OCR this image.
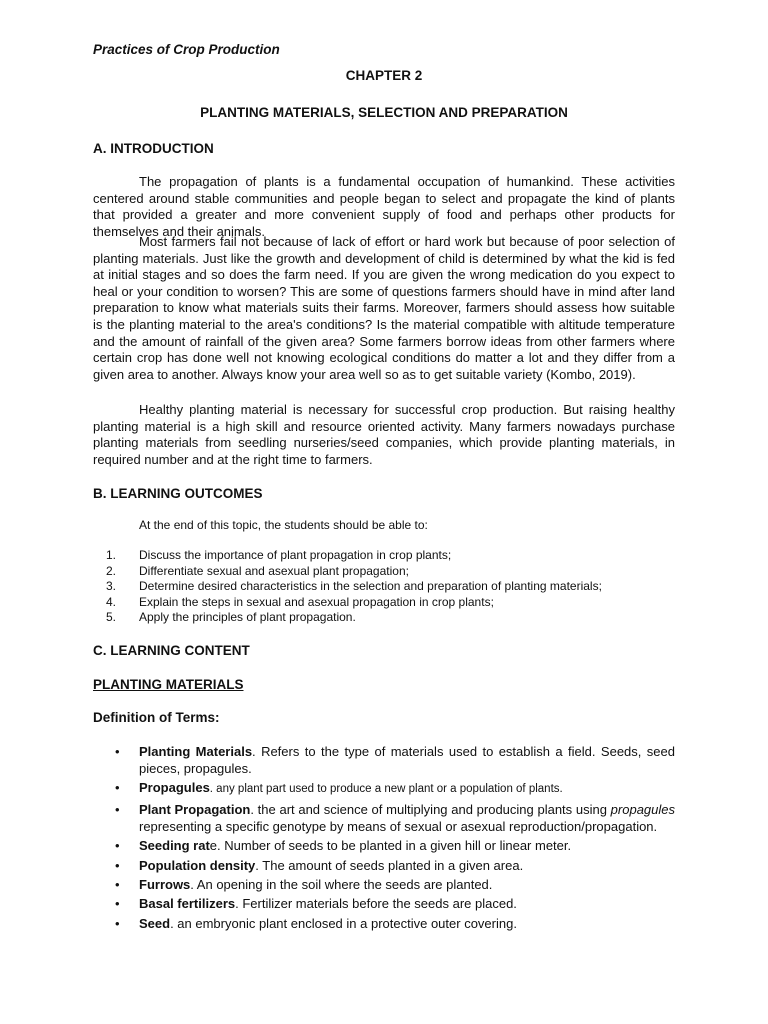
Practices of Crop Production
CHAPTER 2
PLANTING MATERIALS, SELECTION AND PREPARATION
A. INTRODUCTION

The propagation of plants is a fundamental occupation of humankind. These activities centered around stable communities and people began to select and propagate the kind of plants that provided a greater and more convenient supply of food and perhaps other products for themselves and their animals.

Most farmers fail not because of lack of effort or hard work but because of poor selection of planting materials. Just like the growth and development of child is determined by what the kid is fed at initial stages and so does the farm need. If you are given the wrong medication do you expect to heal or your condition to worsen? This are some of questions farmers should have in mind after land preparation to know what materials suits their farms. Moreover, farmers should assess how suitable is the planting material to the area's conditions? Is the material compatible with altitude temperature and the amount of rainfall of the given area? Some farmers borrow ideas from other farmers where certain crop has done well not knowing ecological conditions do matter a lot and they differ from a given area to another. Always know your area well so as to get suitable variety (Kombo, 2019).

Healthy planting material is necessary for successful crop production. But raising healthy planting material is a high skill and resource oriented activity. Many farmers nowadays purchase planting materials from seedling nurseries/seed companies, which provide planting materials, in required number and at the right time to farmers.

B. LEARNING OUTCOMES
At the end of this topic, the students should be able to:
1.	Discuss the importance of plant propagation in crop plants;
2.	Differentiate sexual and asexual plant propagation;
3.	Determine desired characteristics in the selection and preparation of planting materials;
4.	Explain the steps in sexual and asexual propagation in crop plants;
5.	Apply the principles of plant propagation.
C. LEARNING CONTENT
PLANTING MATERIALS
Definition of Terms:
• Planting Materials. Refers to the type of materials used to establish a field. Seeds, seed pieces, propagules.
• Propagules. any plant part used to produce a new plant or a population of plants.
• Plant Propagation. the art and science of multiplying and producing plants using propagules representing a specific genotype by means of sexual or asexual reproduction/propagation.
• Seeding rate. Number of seeds to be planted in a given hill or linear meter.
• Population density. The amount of seeds planted in a given area.
• Furrows. An opening in the soil where the seeds are planted.
• Basal fertilizers. Fertilizer materials before the seeds are placed.
• Seed. an embryonic plant enclosed in a protective outer covering.
